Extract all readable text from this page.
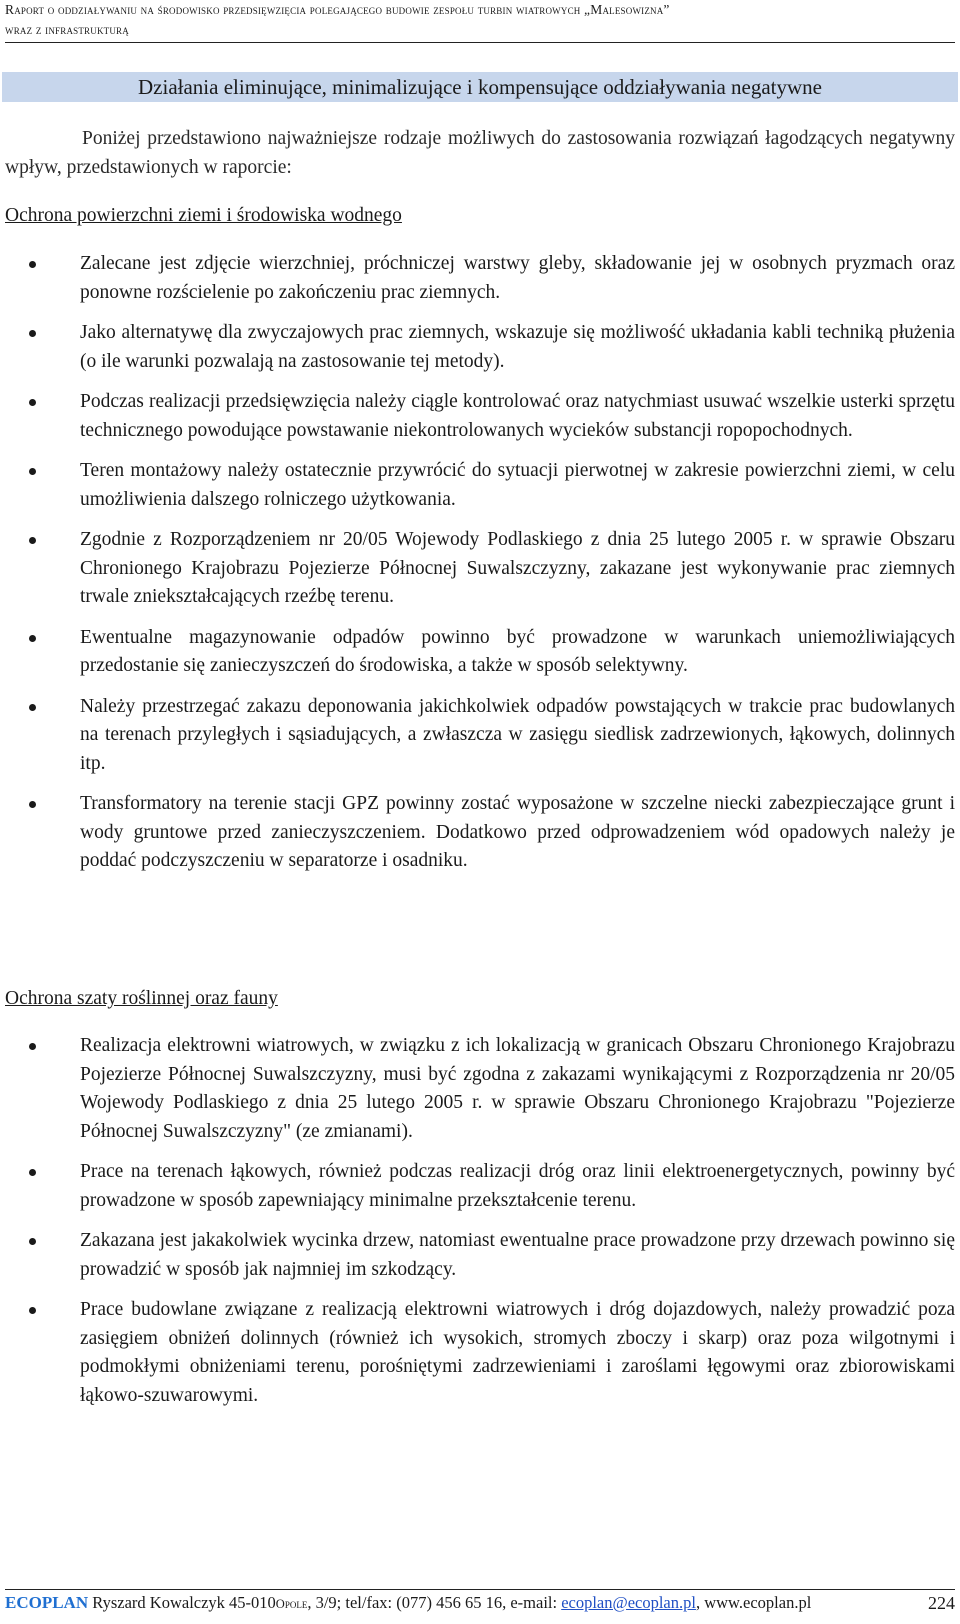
Raport o oddziaływaniu na środowisko przedsięwzięcia polegającego budowie zespołu turbin wiatrowych „Malesowizna”
wraz z infrastrukturą
Działania eliminujące, minimalizujące i kompensujące oddziaływania negatywne
Poniżej przedstawiono najważniejsze rodzaje możliwych do zastosowania rozwiązań łagodzących negatywny wpływ, przedstawionych w raporcie:
Ochrona powierzchni ziemi i środowiska wodnego
Zalecane jest zdjęcie wierzchniej, próchniczej warstwy gleby, składowanie jej w osobnych pryzmach oraz ponowne rozścielenie po zakończeniu prac ziemnych.
Jako alternatywę dla zwyczajowych prac ziemnych, wskazuje się możliwość układania kabli techniką płużenia (o ile warunki pozwalają na zastosowanie tej metody).
Podczas realizacji przedsięwzięcia należy ciągle kontrolować oraz natychmiast usuwać wszelkie usterki sprzętu technicznego powodujące powstawanie niekontrolowanych wycieków substancji ropopochodnych.
Teren montażowy należy ostatecznie przywrócić do sytuacji pierwotnej w zakresie powierzchni ziemi, w celu umożliwienia dalszego rolniczego użytkowania.
Zgodnie z Rozporządzeniem nr 20/05 Wojewody Podlaskiego z dnia 25 lutego 2005 r. w sprawie Obszaru Chronionego Krajobrazu Pojezierze Północnej Suwalszczyzny, zakazane jest wykonywanie prac ziemnych trwale zniekształcających rzeźbę terenu.
Ewentualne magazynowanie odpadów powinno być prowadzone w warunkach uniemożliwiających przedostanie się zanieczyszczeń do środowiska, a także w sposób selektywny.
Należy przestrzegać zakazu deponowania jakichkolwiek odpadów powstających w trakcie prac budowlanych na terenach przyległych i sąsiadujących, a zwłaszcza w zasięgu siedlisk zadrzewionych, łąkowych, dolinnych itp.
Transformatory na terenie stacji GPZ powinny zostać wyposażone w szczelne niecki zabezpieczające grunt i wody gruntowe przed zanieczyszczeniem. Dodatkowo przed odprowadzeniem wód opadowych należy je poddać podczyszczeniu w separatorze i osadniku.
Ochrona szaty roślinnej oraz fauny
Realizacja elektrowni wiatrowych, w związku z ich lokalizacją w granicach Obszaru Chronionego Krajobrazu Pojezierze Północnej Suwalszczyzny, musi być zgodna z zakazami wynikającymi z Rozporządzenia nr 20/05 Wojewody Podlaskiego z dnia 25 lutego 2005 r. w sprawie Obszaru Chronionego Krajobrazu "Pojezierze Północnej Suwalszczyzny" (ze zmianami).
Prace na terenach łąkowych, również podczas realizacji dróg oraz linii elektroenergetycznych, powinny być prowadzone w sposób zapewniający minimalne przekształcenie terenu.
Zakazana jest jakakolwiek wycinka drzew, natomiast ewentualne prace prowadzone przy drzewach powinno się prowadzić w sposób jak najmniej im szkodzący.
Prace budowlane związane z realizacją elektrowni wiatrowych i dróg dojazdowych, należy prowadzić poza zasięgiem obniżeń dolinnych (również ich wysokich, stromych zboczy i skarp) oraz poza wilgotnymi i podmokłymi obniżeniami terenu, porośniętymi zadrzewieniami i zaroślami łęgowymi oraz zbiorowiskami łąkowo-szuwarowymi.
ECOPLAN Ryszard Kowalczyk 45-010Opole, 3/9; tel/fax: (077) 456 65 16, e-mail: ecoplan@ecoplan.pl, www.ecoplan.pl	224
